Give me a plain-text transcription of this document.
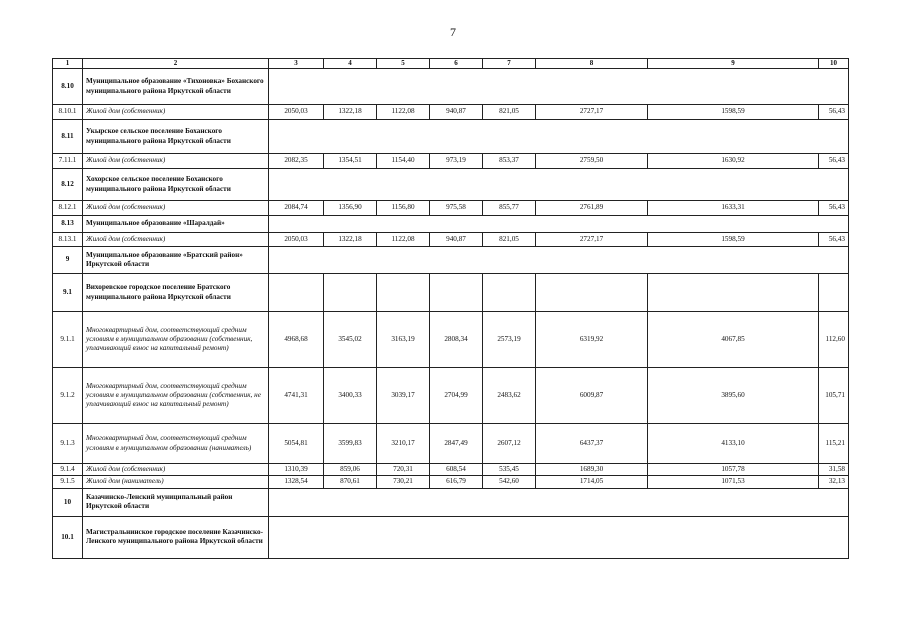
7
1	2	3	4	5	6	7	8	9	10
8.10	Муниципальное образование «Тихоновка» Боханского муниципального района Иркутской области								
8.10.1	Жилой дом (собственник)	2050,03	1322,18	1122,08	940,87	821,05	2727,17	1598,59	56,43
8.11	Укырское сельское поселение Боханского муниципального района Иркутской области								
7.11.1	Жилой дом (собственник)	2082,35	1354,51	1154,40	973,19	853,37	2759,50	1630,92	56,43
8.12	Хохорское сельское поселение Боханского муниципального района Иркутской области								
8.12.1	Жилой дом (собственник)	2084,74	1356,90	1156,80	975,58	855,77	2761,89	1633,31	56,43
8.13	Муниципальное образование «Шаралдай»								
8.13.1	Жилой дом (собственник)	2050,03	1322,18	1122,08	940,87	821,05	2727,17	1598,59	56,43
9	Муниципальное образование «Братский район» Иркутской области								
9.1	Вихоревское городское поселение Братского муниципального района Иркутской области								
9.1.1	Многоквартирный дом, соответствующий средним условиям в муниципальном образовании (собственник, уплачивающий взнос на капитальный ремонт)	4968,68	3545,02	3163,19	2808,34	2573,19	6319,92	4067,85	112,60
9.1.2	Многоквартирный дом, соответствующий средним условиям в муниципальном образовании (собственник, не уплачивающий взнос на капитальный ремонт)	4741,31	3400,33	3039,17	2704,99	2483,62	6009,87	3895,60	105,71
9.1.3	Многоквартирный дом, соответствующий средним условиям в муниципальном образовании (наниматель)	5054,81	3599,83	3210,17	2847,49	2607,12	6437,37	4133,10	115,21
9.1.4	Жилой дом (собственник)	1310,39	859,06	720,31	608,54	535,45	1689,30	1057,78	31,58
9.1.5	Жилой дом (наниматель)	1328,54	870,61	730,21	616,79	542,60	1714,05	1071,53	32,13
10	Казачинско-Ленский муниципальный район Иркутской области								
10.1	Магистральнинское городское поселение Казачинско-Ленского муниципального района Иркутской области								
